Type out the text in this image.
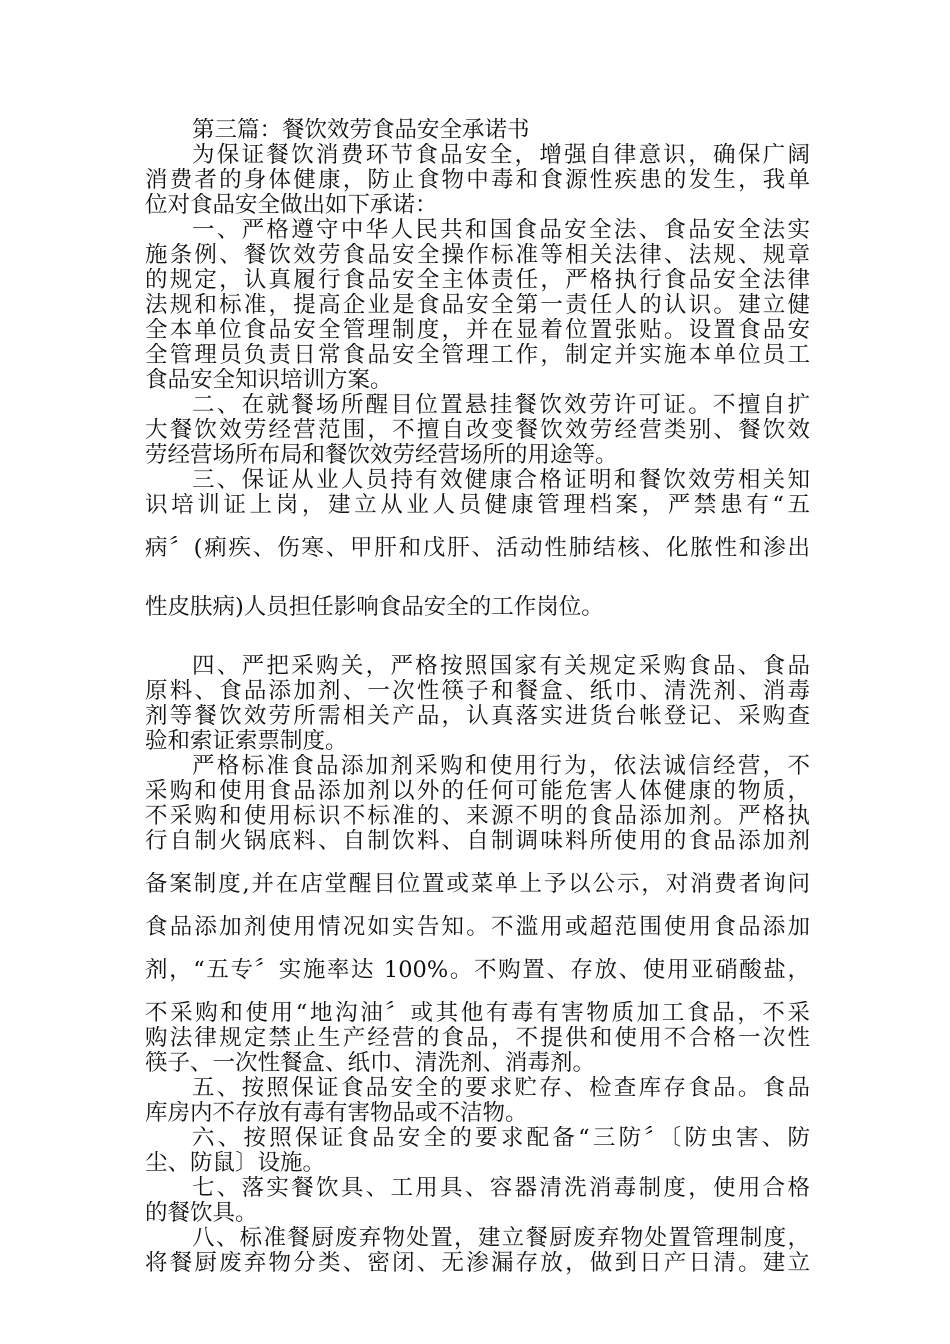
第三篇：餐饮效劳食品安全承诺书
为保证餐饮消费环节食品安全，增强自律意识，确保广阔
消费者的身体健康，防止食物中毒和食源性疾患的发生，我单
位对食品安全做出如下承诺：
一、严格遵守中华人民共和国食品安全法、食品安全法实
施条例、餐饮效劳食品安全操作标准等相关法律、法规、规章
的规定，认真履行食品安全主体责任，严格执行食品安全法律
法规和标准，提高企业是食品安全第一责任人的认识。建立健
全本单位食品安全管理制度，并在显着位置张贴。设置食品安
全管理员负责日常食品安全管理工作，制定并实施本单位员工
食品安全知识培训方案。
二、在就餐场所醒目位置悬挂餐饮效劳许可证。不擅自扩
大餐饮效劳经营范围，不擅自改变餐饮效劳经营类别、餐饮效
劳经营场所布局和餐饮效劳经营场所的用途等。
三、保证从业人员持有效健康合格证明和餐饮效劳相关知
识培训证上岗，建立从业人员健康管理档案，严禁患有“五
病〞(痢疾、伤寒、甲肝和戊肝、活动性肺结核、化脓性和渗出
性皮肤病)人员担任影响食品安全的工作岗位。
四、严把采购关，严格按照国家有关规定采购食品、食品
原料、食品添加剂、一次性筷子和餐盒、纸巾、清洗剂、消毒
剂等餐饮效劳所需相关产品，认真落实进货台帐登记、采购查
验和索证索票制度。
严格标准食品添加剂采购和使用行为，依法诚信经营，不
采购和使用食品添加剂以外的任何可能危害人体健康的物质，
不采购和使用标识不标准的、来源不明的食品添加剂。严格执
行自制火锅底料、自制饮料、自制调味料所使用的食品添加剂
备案制度,并在店堂醒目位置或菜单上予以公示，对消费者询问
食品添加剂使用情况如实告知。不滥用或超范围使用食品添加
剂，“五专〞实施率达 100%。不购置、存放、使用亚硝酸盐，
不采购和使用“地沟油〞或其他有毒有害物质加工食品，不采
购法律规定禁止生产经营的食品，不提供和使用不合格一次性
筷子、一次性餐盒、纸巾、清洗剂、消毒剂。
五、按照保证食品安全的要求贮存、检查库存食品。食品
库房内不存放有毒有害物品或不洁物。
六、按照保证食品安全的要求配备“三防〞〔防虫害、防
尘、防鼠〕设施。
七、落实餐饮具、工用具、容器清洗消毒制度，使用合格
的餐饮具。
八、标准餐厨废弃物处置，建立餐厨废弃物处置管理制度，
将餐厨废弃物分类、密闭、无渗漏存放，做到日产日清。建立
